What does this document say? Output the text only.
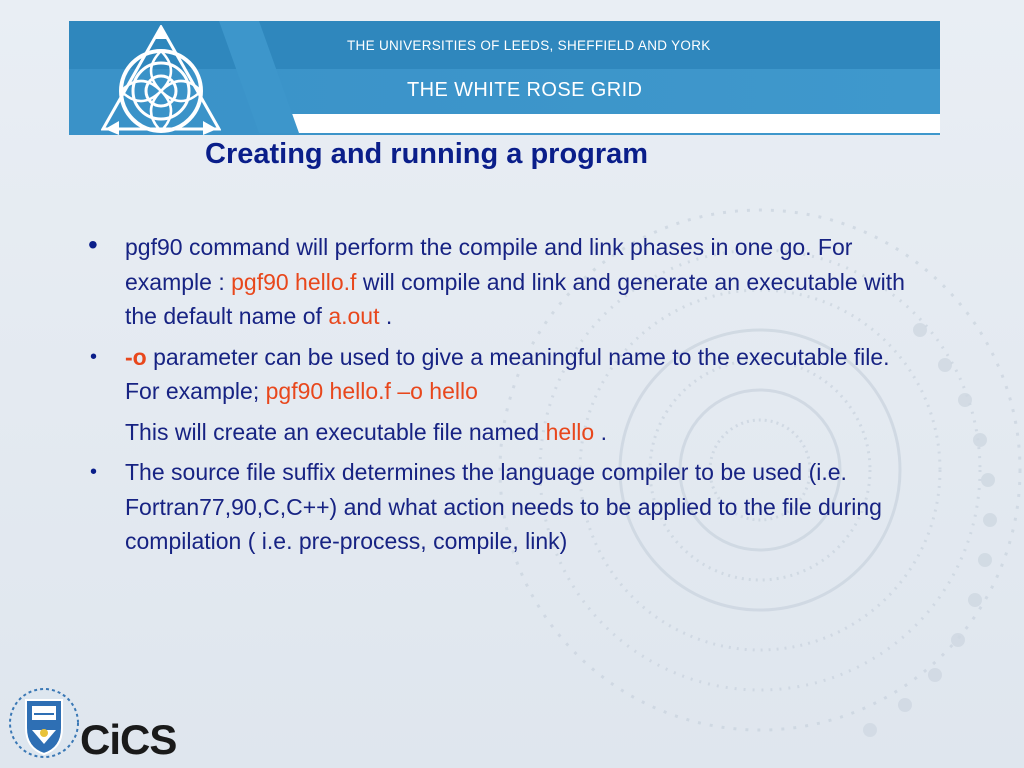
THE UNIVERSITIES OF LEEDS, SHEFFIELD AND YORK
THE WHITE ROSE GRID
Creating and running a program
• pgf90 command will perform the compile and link phases in one go. For example : pgf90 hello.f will compile and link and generate an executable with the default name of a.out .
• -o parameter can be used to give a meaningful name to the executable file. For example; pgf90 hello.f –o hello
This will create an executable file named hello .
• The source file suffix determines the language compiler to be used (i.e. Fortran77,90,C,C++) and what action needs to be applied to the file during compilation ( i.e. pre-process, compile, link)
CiCS
